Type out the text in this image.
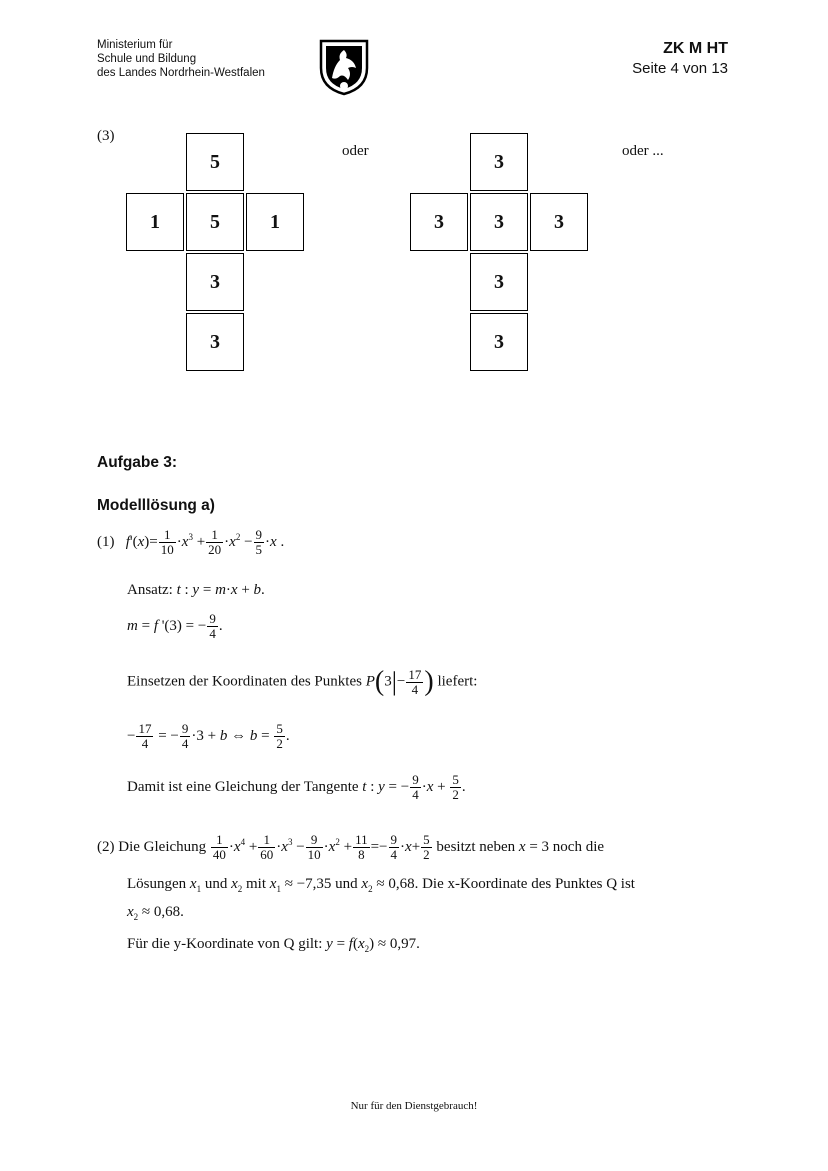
Ministerium für
Schule und Bildung
des Landes Nordrhein-Westfalen
ZK M HT
Seite 4 von 13
(3)
5
1	5	1
3
3
oder	3
3	3	3
3
3
oder ...
Aufgabe 3:
Modelllösung a)
(1) $f'(x)= \frac{1}{10} \cdot x^3 + \frac{1}{20} \cdot x^2 - \frac{9}{5} \cdot x$ .
Ansatz: t : y = m·x + b.
m = f '(3) = − $\frac{9}{4}$ .
Einsetzen der Koordinaten des Punktes $P(3|- \frac{17}{4}$ ) liefert:
− $\frac{17}{4}$ = − $\frac{9}{4} \cdot 3 + b$ ⇔ $b = \frac{5}{2}$ .
Damit ist eine Gleichung der Tangente t : y = − $\frac{9}{4} \cdot x + \frac{5}{2}$ .
(2) Die Gleichung $\frac{1}{40} \cdot x^4 + \frac{1}{60} \cdot x^3 - \frac{9}{10} \cdot x^2 + \frac{11}{8} =- \frac{9}{4} \cdot x+ \frac{5}{2}$ besitzt neben x = 3 noch die
Lösungen $x_1$ und $x_2$ mit $x_1 \approx -7,35$ und $x_2 \approx 0,68$. Die x-Koordinate des Punktes Q ist
$x_2 \approx 0,68$.
Für die y-Koordinate von Q gilt: $y = f(x_2) \approx 0,97$.
Nur für den Dienstgebrauch!
